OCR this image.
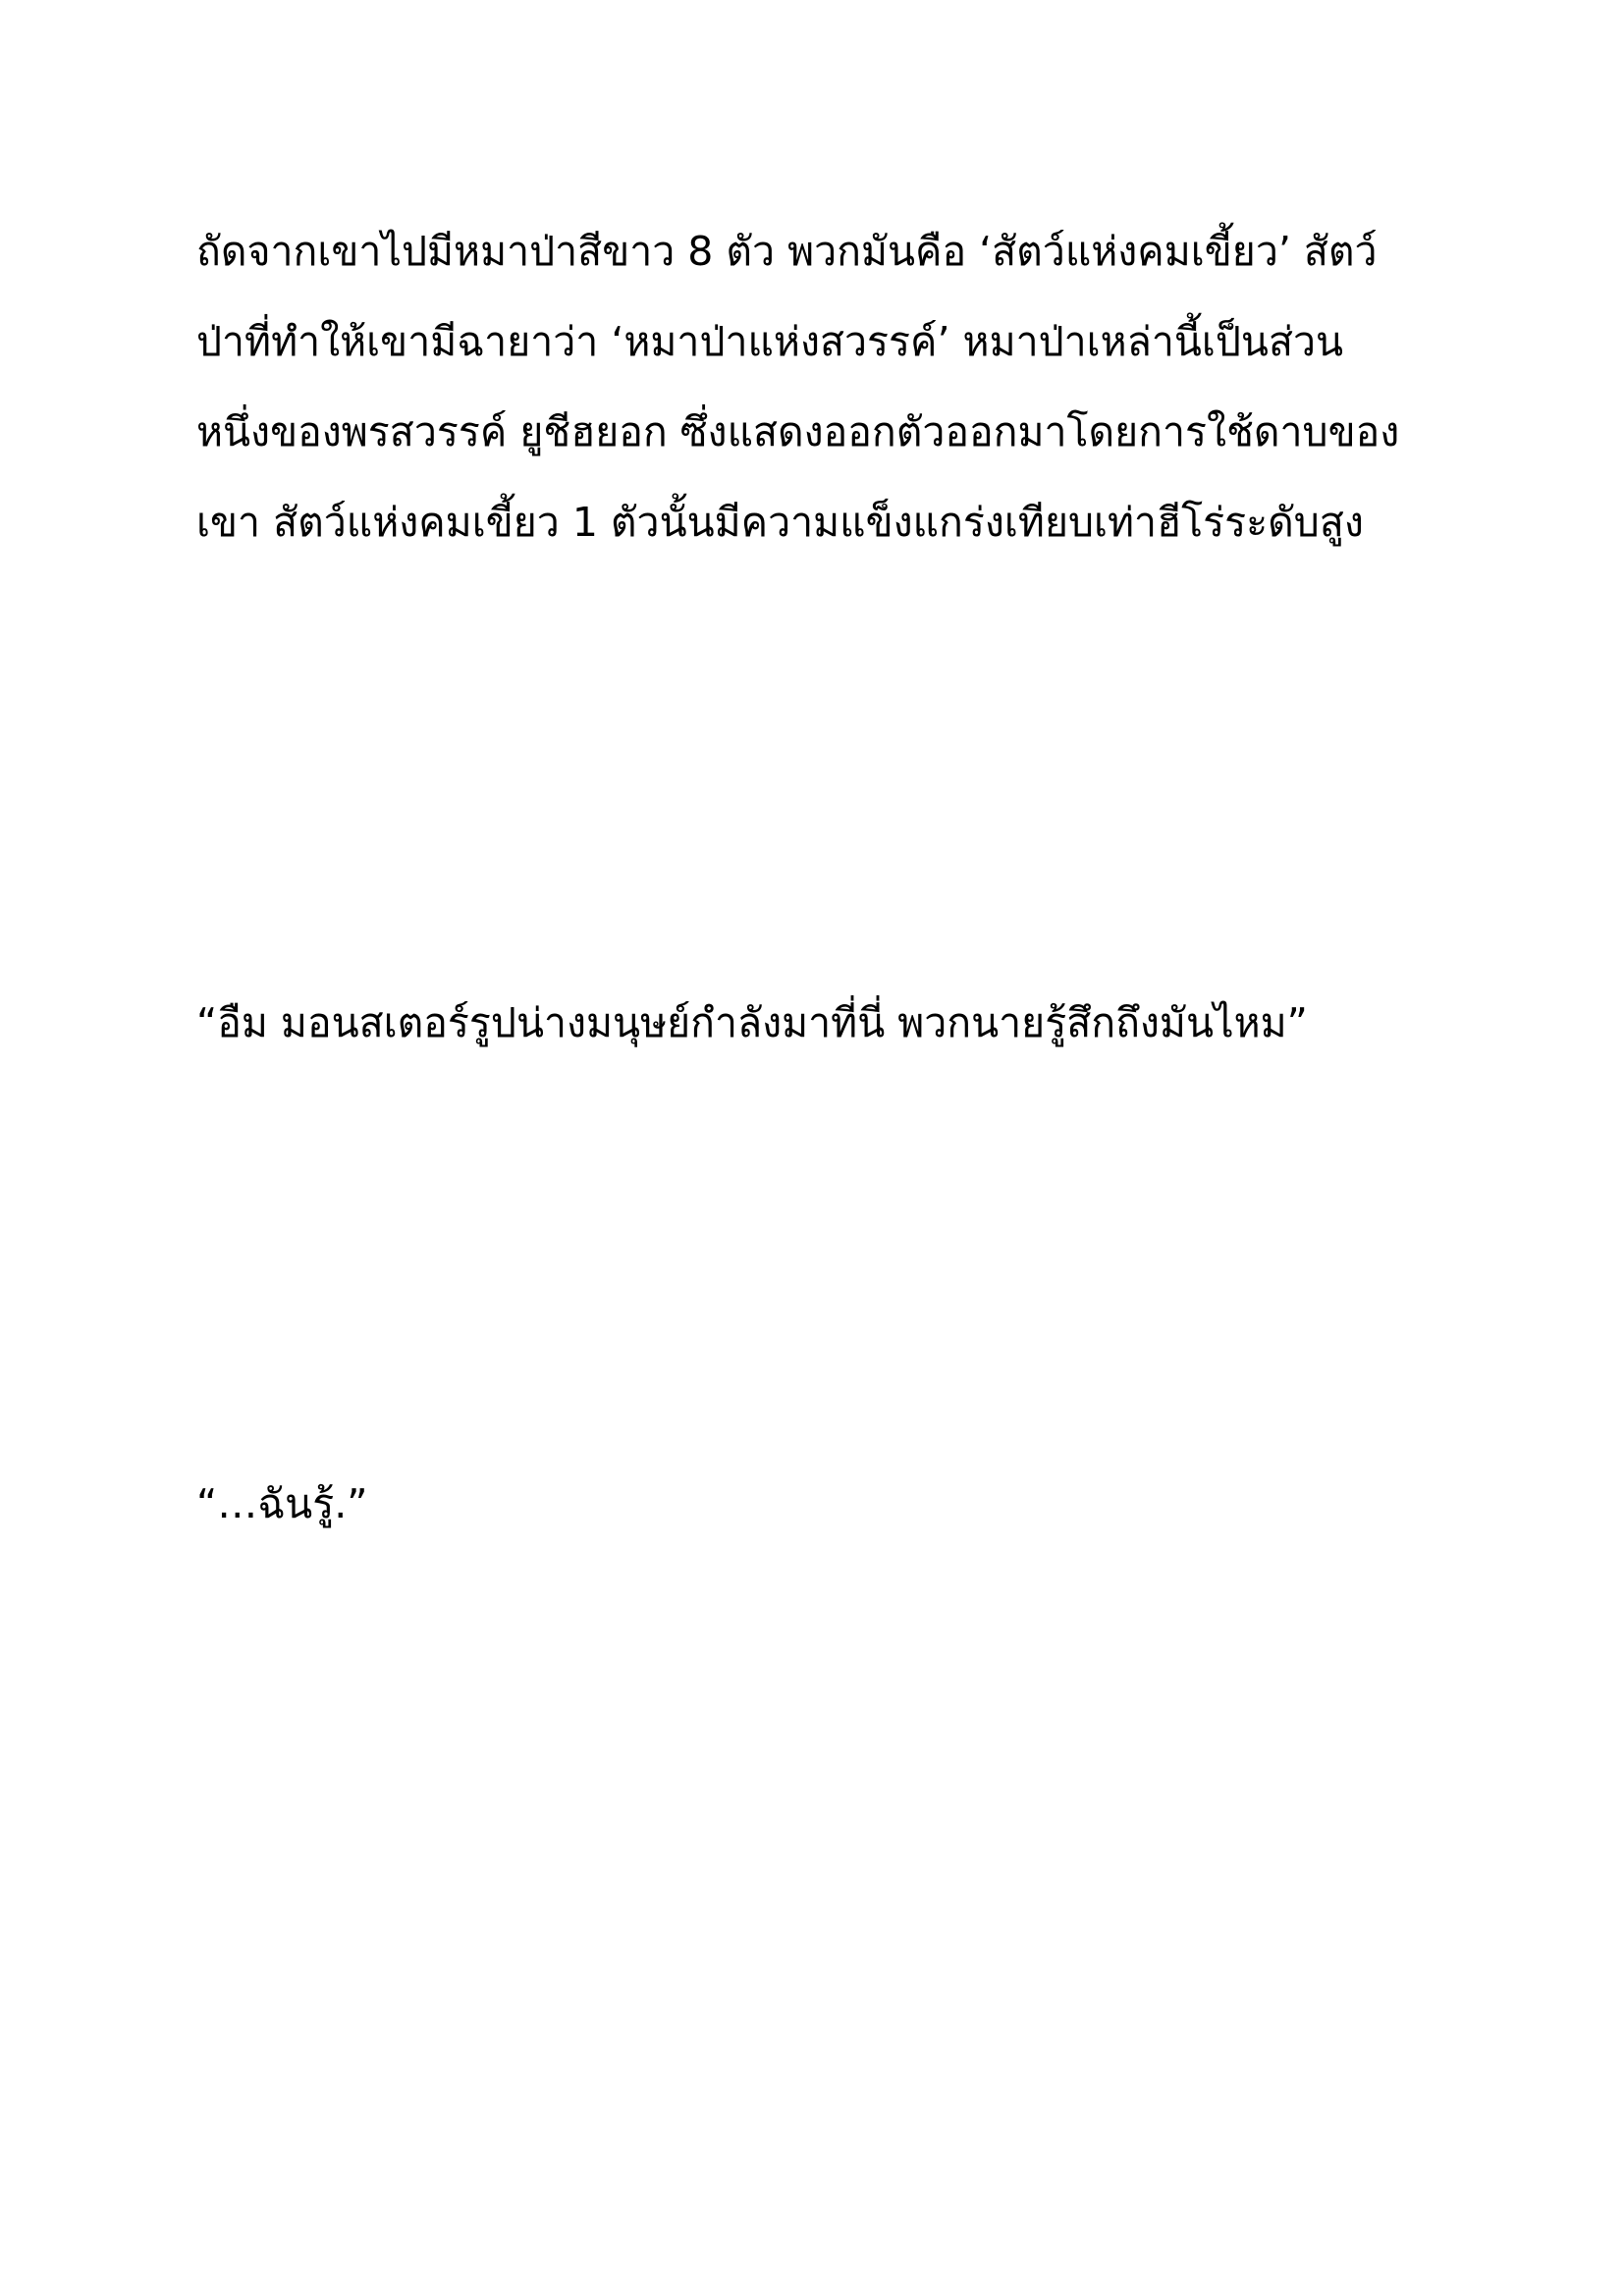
ถัดจากเขาไปมีหมาป่าสีขาว 8 ตัว พวกมันคือ ‘สัตว์แห่งคมเขี้ยว’ สัตว์
ป่าที่ทำให้เขามีฉายาว่า ‘หมาป่าแห่งสวรรค์’ หมาป่าเหล่านี้เป็นส่วน
หนึ่งของพรสวรรค์ ยูชีฮยอก ซึ่งแสดงออกตัวออกมาโดยการใช้ดาบของ
เขา สัตว์แห่งคมเขี้ยว 1 ตัวนั้นมีความแข็งแกร่งเทียบเท่าฮีโร่ระดับสูง
“อืม มอนสเตอร์รูปน่างมนุษย์กำลังมาที่นี่ พวกนายรู้สึกถึงมันไหม”
“…ฉันรู้.”
